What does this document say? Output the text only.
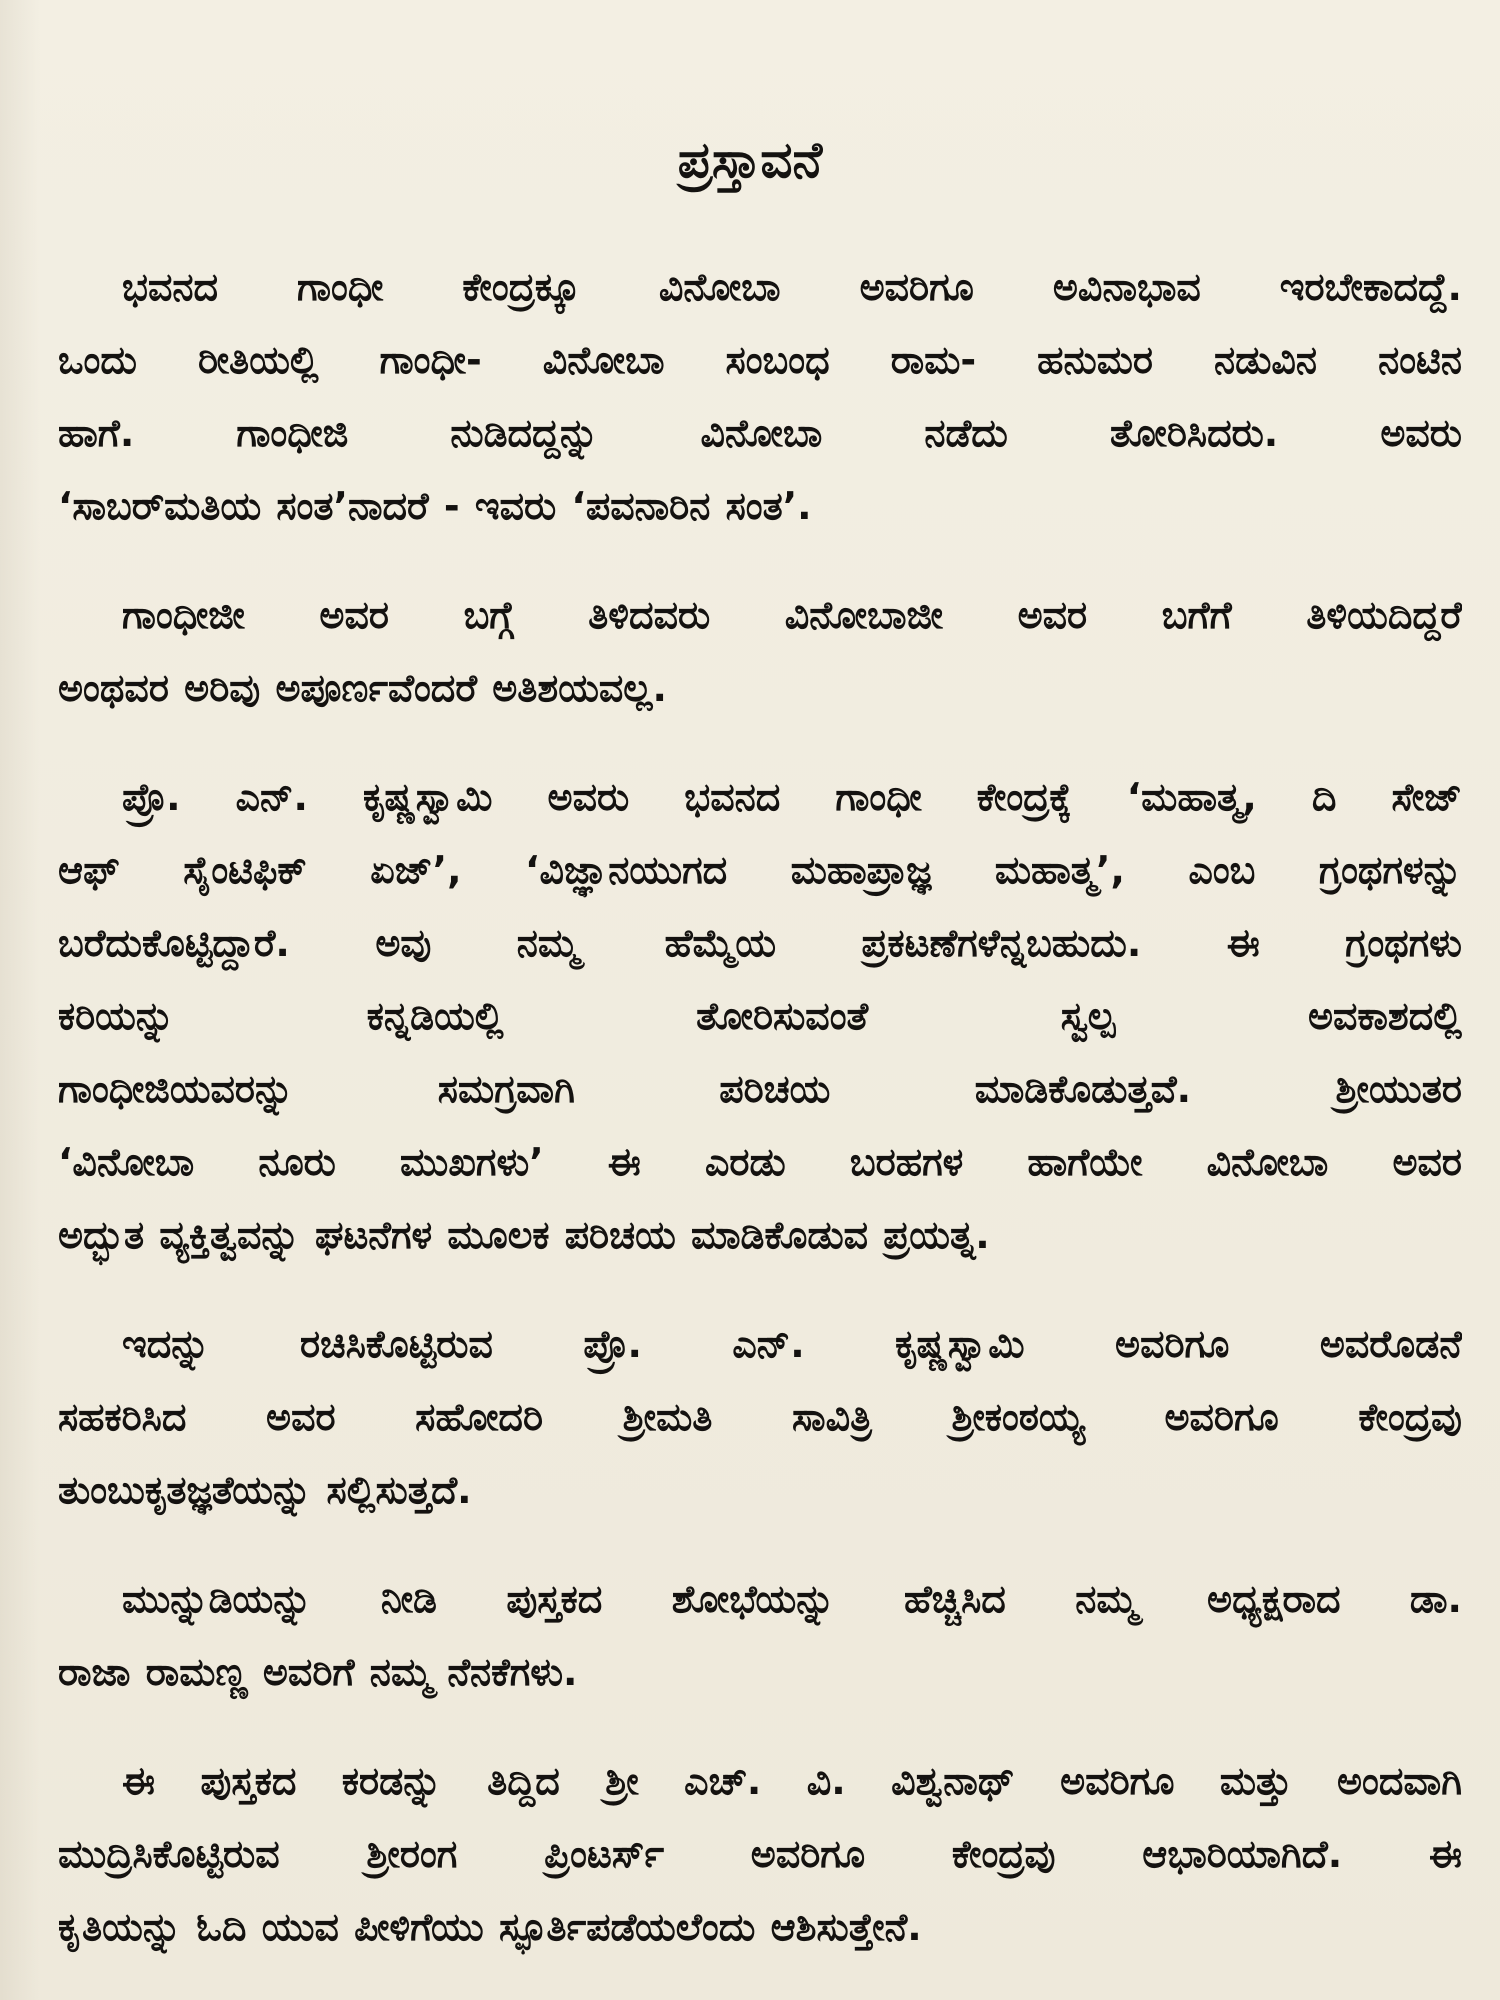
ಪ್ರಸ್ತಾವನೆ
ಭವನದ ಗಾಂಧೀ ಕೇಂದ್ರಕ್ಕೂ ವಿನೋಬಾ ಅವರಿಗೂ ಅವಿನಾಭಾವ ಇರಬೇಕಾದದ್ದೆ.
ಒಂದು ರೀತಿಯಲ್ಲಿ ಗಾಂಧೀ- ವಿನೋಬಾ ಸಂಬಂಧ ರಾಮ- ಹನುಮರ ನಡುವಿನ ನಂಟಿನ
ಹಾಗೆ. ಗಾಂಧೀಜಿ ನುಡಿದದ್ದನ್ನು ವಿನೋಬಾ ನಡೆದು ತೋರಿಸಿದರು. ಅವರು
‘ಸಾಬರ್‌ಮತಿಯ ಸಂತ’ನಾದರೆ - ಇವರು ‘ಪವನಾರಿನ ಸಂತ’.
ಗಾಂಧೀಜೀ ಅವರ ಬಗ್ಗೆ ತಿಳಿದವರು ವಿನೋಬಾಜೀ ಅವರ ಬಗೆಗೆ ತಿಳಿಯದಿದ್ದರೆ
ಅಂಥವರ ಅರಿವು ಅಪೂರ್ಣವೆಂದರೆ ಅತಿಶಯವಲ್ಲ.
ಪ್ರೊ. ಎನ್. ಕೃಷ್ಣಸ್ವಾಮಿ ಅವರು ಭವನದ ಗಾಂಧೀ ಕೇಂದ್ರಕ್ಕೆ ‘ಮಹಾತ್ಮ, ದಿ ಸೇಜ್
ಆಫ್ ಸೈಂಟಿಫಿಕ್ ಏಜ್’, ‘ವಿಜ್ಞಾನಯುಗದ ಮಹಾಪ್ರಾಜ್ಞ ಮಹಾತ್ಮ’, ಎಂಬ ಗ್ರಂಥಗಳನ್ನು
ಬರೆದುಕೊಟ್ಟಿದ್ದಾರೆ. ಅವು ನಮ್ಮ ಹೆಮ್ಮೆಯ ಪ್ರಕಟಣೆಗಳೆನ್ನಬಹುದು. ಈ ಗ್ರಂಥಗಳು
ಕರಿಯನ್ನು ಕನ್ನಡಿಯಲ್ಲಿ ತೋರಿಸುವಂತೆ ಸ್ವಲ್ಪ ಅವಕಾಶದಲ್ಲಿ
ಗಾಂಧೀಜಿಯವರನ್ನು ಸಮಗ್ರವಾಗಿ ಪರಿಚಯ ಮಾಡಿಕೊಡುತ್ತವೆ. ಶ್ರೀಯುತರ
‘ವಿನೋಬಾ ನೂರು ಮುಖಗಳು’ ಈ ಎರಡು ಬರಹಗಳ ಹಾಗೆಯೇ ವಿನೋಬಾ ಅವರ
ಅದ್ಭುತ ವ್ಯಕ್ತಿತ್ವವನ್ನು ಘಟನೆಗಳ ಮೂಲಕ ಪರಿಚಯ ಮಾಡಿಕೊಡುವ ಪ್ರಯತ್ನ.
ಇದನ್ನು ರಚಿಸಿಕೊಟ್ಟಿರುವ ಪ್ರೊ. ಎನ್. ಕೃಷ್ಣಸ್ವಾಮಿ ಅವರಿಗೂ ಅವರೊಡನೆ
ಸಹಕರಿಸಿದ ಅವರ ಸಹೋದರಿ ಶ್ರೀಮತಿ ಸಾವಿತ್ರಿ ಶ್ರೀಕಂಠಯ್ಯ ಅವರಿಗೂ ಕೇಂದ್ರವು
ತುಂಬುಕೃತಜ್ಞತೆಯನ್ನು ಸಲ್ಲಿಸುತ್ತದೆ.
ಮುನ್ನುಡಿಯನ್ನು ನೀಡಿ ಪುಸ್ತಕದ ಶೋಭೆಯನ್ನು ಹೆಚ್ಚಿಸಿದ ನಮ್ಮ ಅಧ್ಯಕ್ಷರಾದ ಡಾ.
ರಾಜಾ ರಾಮಣ್ಣ ಅವರಿಗೆ ನಮ್ಮ ನೆನಕೆಗಳು.
ಈ ಪುಸ್ತಕದ ಕರಡನ್ನು ತಿದ್ದಿದ ಶ್ರೀ ಎಚ್. ವಿ. ವಿಶ್ವನಾಥ್ ಅವರಿಗೂ ಮತ್ತು ಅಂದವಾಗಿ
ಮುದ್ರಿಸಿಕೊಟ್ಟಿರುವ ಶ್ರೀರಂಗ ಪ್ರಿಂಟರ್ಸ್ ಅವರಿಗೂ ಕೇಂದ್ರವು ಆಭಾರಿಯಾಗಿದೆ. ಈ
ಕೃತಿಯನ್ನು ಓದಿ ಯುವ ಪೀಳಿಗೆಯು ಸ್ಫೂರ್ತಿಪಡೆಯಲೆಂದು ಆಶಿಸುತ್ತೇನೆ.
